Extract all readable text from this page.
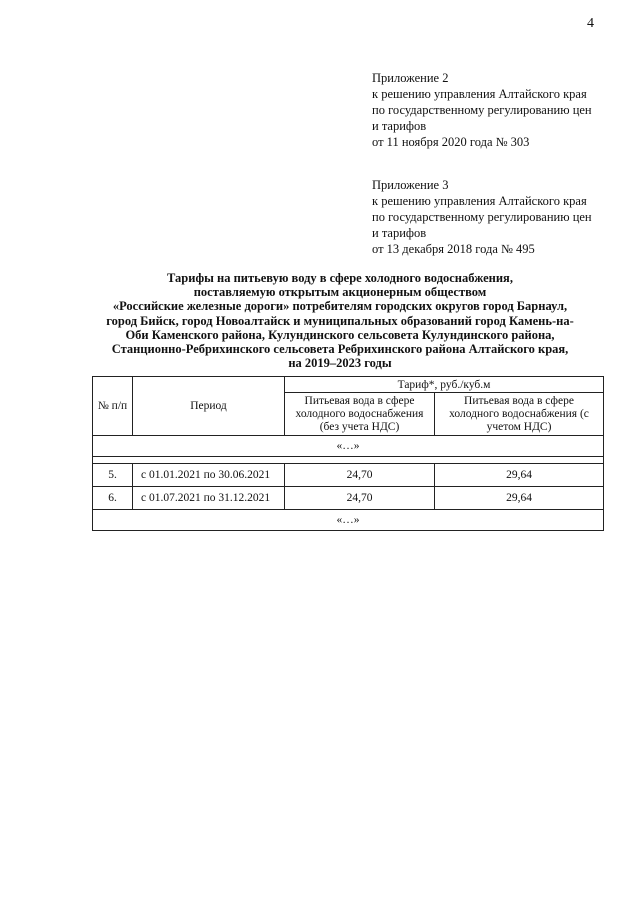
4
Приложение 2
к решению управления Алтайского края
по государственному регулированию цен
и тарифов
от 11 ноября 2020 года № 303
Приложение 3
к решению управления Алтайского края
по государственному регулированию цен
и тарифов
от 13 декабря 2018 года № 495
Тарифы на питьевую воду в сфере холодного водоснабжения,
поставляемую открытым акционерным обществом
«Российские железные дороги» потребителям городских округов город Барнаул,
город Бийск, город Новоалтайск и муниципальных образований город Камень-на-
Оби Каменского района, Кулундинского сельсовета Кулундинского района,
Станционно-Ребрихинского сельсовета Ребрихинского района Алтайского края,
на 2019–2023 годы
№ п/п	Период	Тариф*, руб./куб.м	
		Питьевая вода в сфере холодного водоснабжения (без учета НДС)	Питьевая вода в сфере холодного водоснабжения (с учетом НДС)
«…»			

5.	с 01.01.2021 по 30.06.2021	24,70	29,64
6.	с 01.07.2021 по 31.12.2021	24,70	29,64
«…»			
